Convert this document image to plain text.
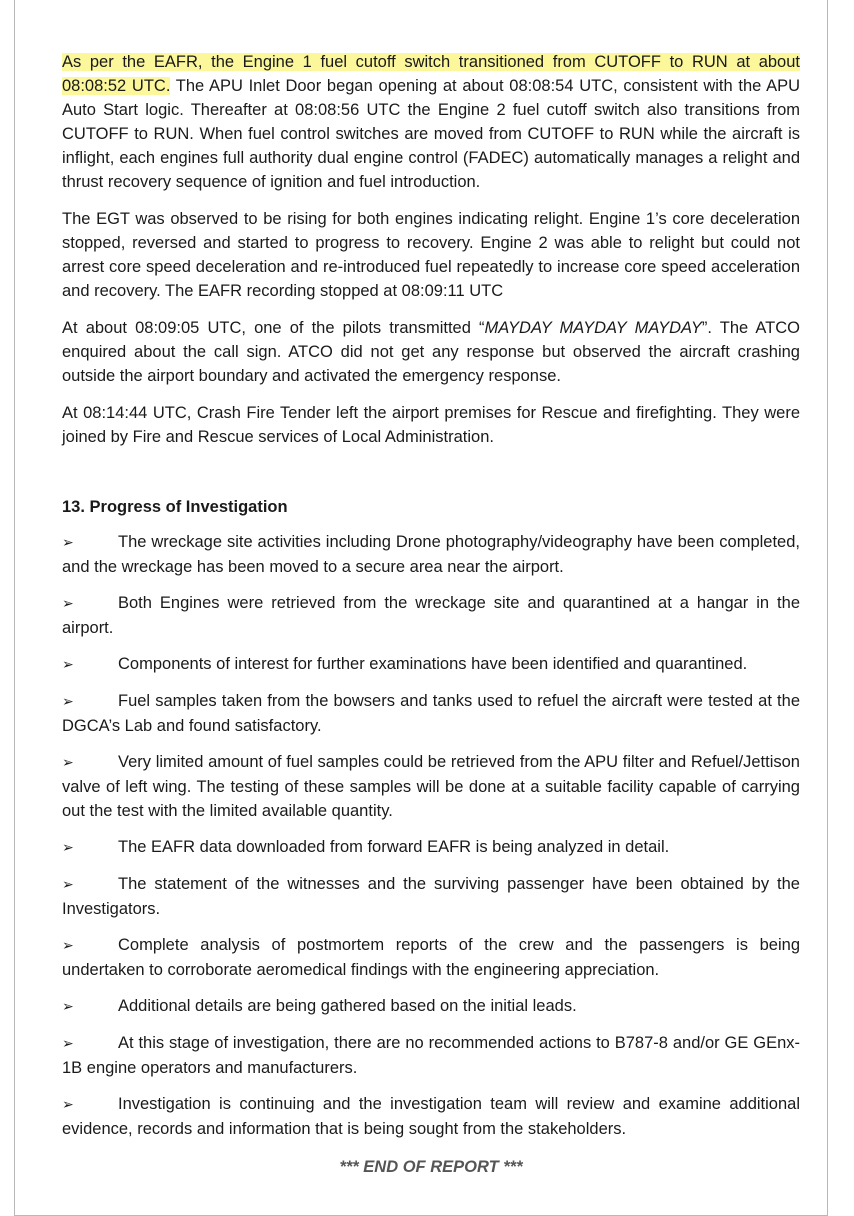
As per the EAFR, the Engine 1 fuel cutoff switch transitioned from CUTOFF to RUN at about 08:08:52 UTC. The APU Inlet Door began opening at about 08:08:54 UTC, consistent with the APU Auto Start logic. Thereafter at 08:08:56 UTC the Engine 2 fuel cutoff switch also transitions from CUTOFF to RUN. When fuel control switches are moved from CUTOFF to RUN while the aircraft is inflight, each engines full authority dual engine control (FADEC) automatically manages a relight and thrust recovery sequence of ignition and fuel introduction.

The EGT was observed to be rising for both engines indicating relight. Engine 1’s core deceleration stopped, reversed and started to progress to recovery. Engine 2 was able to relight but could not arrest core speed deceleration and re-introduced fuel repeatedly to increase core speed acceleration and recovery. The EAFR recording stopped at 08:09:11 UTC

At about 08:09:05 UTC, one of the pilots transmitted “MAYDAY MAYDAY MAYDAY”. The ATCO enquired about the call sign. ATCO did not get any response but observed the aircraft crashing outside the airport boundary and activated the emergency response.

At 08:14:44 UTC, Crash Fire Tender left the airport premises for Rescue and firefighting. They were joined by Fire and Rescue services of Local Administration.

13. Progress of Investigation

➢	The wreckage site activities including Drone photography/videography have been completed, and the wreckage has been moved to a secure area near the airport.

➢	Both Engines were retrieved from the wreckage site and quarantined at a hangar in the airport.

➢	Components of interest for further examinations have been identified and quarantined.

➢	Fuel samples taken from the bowsers and tanks used to refuel the aircraft were tested at the DGCA’s Lab and found satisfactory.

➢	Very limited amount of fuel samples could be retrieved from the APU filter and Refuel/Jettison valve of left wing. The testing of these samples will be done at a suitable facility capable of carrying out the test with the limited available quantity.

➢	The EAFR data downloaded from forward EAFR is being analyzed in detail.

➢	The statement of the witnesses and the surviving passenger have been obtained by the Investigators.

➢	Complete analysis of postmortem reports of the crew and the passengers is being undertaken to corroborate aeromedical findings with the engineering appreciation.

➢	Additional details are being gathered based on the initial leads.

➢	At this stage of investigation, there are no recommended actions to B787-8 and/or GE GEnx-1B engine operators and manufacturers.

➢	Investigation is continuing and the investigation team will review and examine additional evidence, records and information that is being sought from the stakeholders.

*** END OF REPORT ***
